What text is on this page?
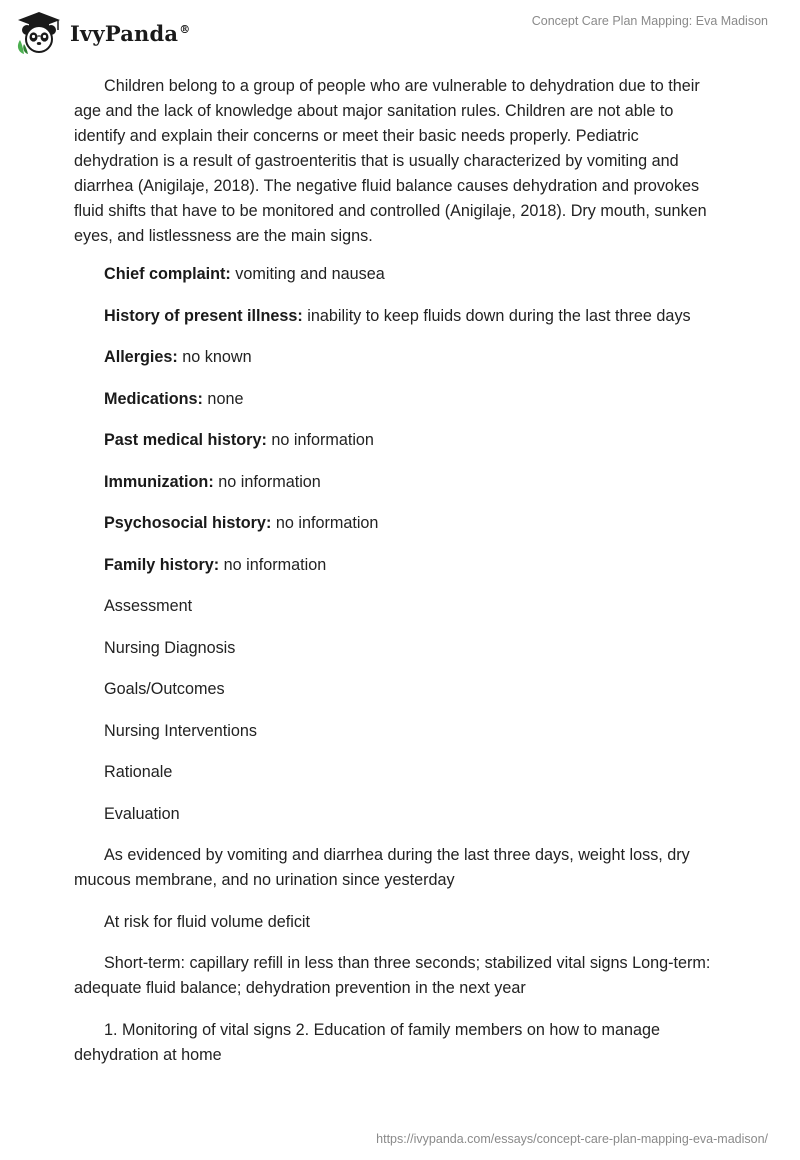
IvyPanda®
Concept Care Plan Mapping: Eva Madison

Children belong to a group of people who are vulnerable to dehydration due to their age and the lack of knowledge about major sanitation rules. Children are not able to identify and explain their concerns or meet their basic needs properly. Pediatric dehydration is a result of gastroenteritis that is usually characterized by vomiting and diarrhea (Anigilaje, 2018). The negative fluid balance causes dehydration and provokes fluid shifts that have to be monitored and controlled (Anigilaje, 2018). Dry mouth, sunken eyes, and listlessness are the main signs.

Chief complaint: vomiting and nausea

History of present illness: inability to keep fluids down during the last three days

Allergies: no known

Medications: none

Past medical history: no information

Immunization: no information

Psychosocial history: no information

Family history: no information

Assessment

Nursing Diagnosis

Goals/Outcomes

Nursing Interventions

Rationale

Evaluation

As evidenced by vomiting and diarrhea during the last three days, weight loss, dry mucous membrane, and no urination since yesterday

At risk for fluid volume deficit

Short-term: capillary refill in less than three seconds; stabilized vital signs Long-term: adequate fluid balance; dehydration prevention in the next year

1. Monitoring of vital signs 2. Education of family members on how to manage dehydration at home

https://ivypanda.com/essays/concept-care-plan-mapping-eva-madison/
